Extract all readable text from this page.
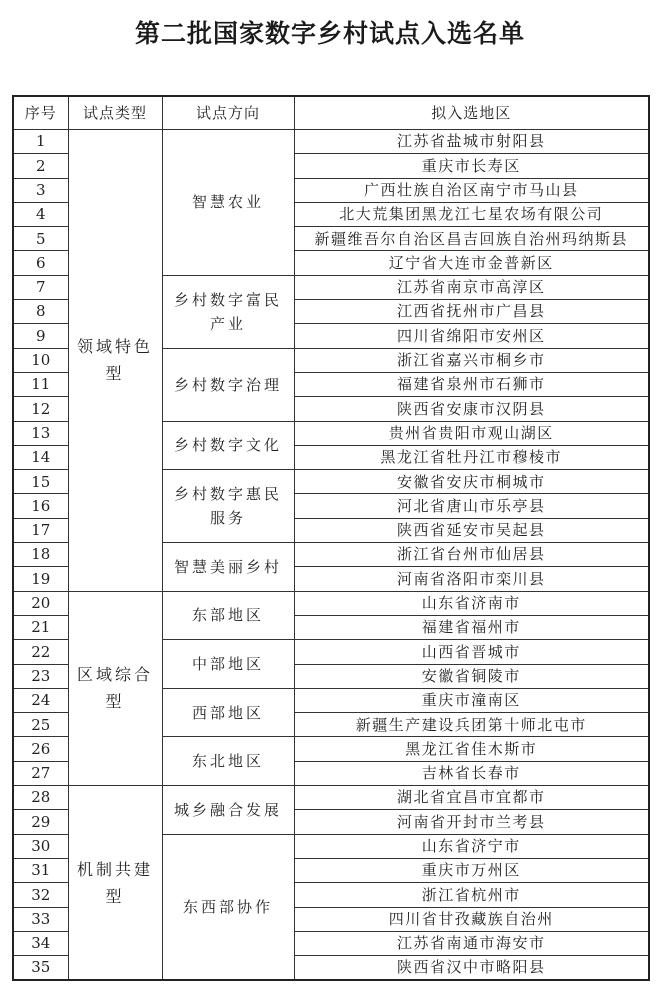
第二批国家数字乡村试点入选名单
序号	试点类型	试点方向	拟入选地区
1	领域特色型	智慧农业	江苏省盐城市射阳县
2			重庆市长寿区
3			广西壮族自治区南宁市马山县
4			北大荒集团黑龙江七星农场有限公司
5			新疆维吾尔自治区昌吉回族自治州玛纳斯县
6			辽宁省大连市金普新区
7		乡村数字富民产业	江苏省南京市高淳区
8			江西省抚州市广昌县
9			四川省绵阳市安州区
10		乡村数字治理	浙江省嘉兴市桐乡市
11			福建省泉州市石狮市
12			陕西省安康市汉阴县
13		乡村数字文化	贵州省贵阳市观山湖区
14			黑龙江省牡丹江市穆棱市
15		乡村数字惠民服务	安徽省安庆市桐城市
16			河北省唐山市乐亭县
17			陕西省延安市吴起县
18		智慧美丽乡村	浙江省台州市仙居县
19			河南省洛阳市栾川县
20	区域综合型	东部地区	山东省济南市
21			福建省福州市
22		中部地区	山西省晋城市
23			安徽省铜陵市
24		西部地区	重庆市潼南区
25			新疆生产建设兵团第十师北屯市
26		东北地区	黑龙江省佳木斯市
27			吉林省长春市
28	机制共建型	城乡融合发展	湖北省宜昌市宜都市
29			河南省开封市兰考县
30		东西部协作	山东省济宁市
31			重庆市万州区
32			浙江省杭州市
33			四川省甘孜藏族自治州
34			江苏省南通市海安市
35			陕西省汉中市略阳县
